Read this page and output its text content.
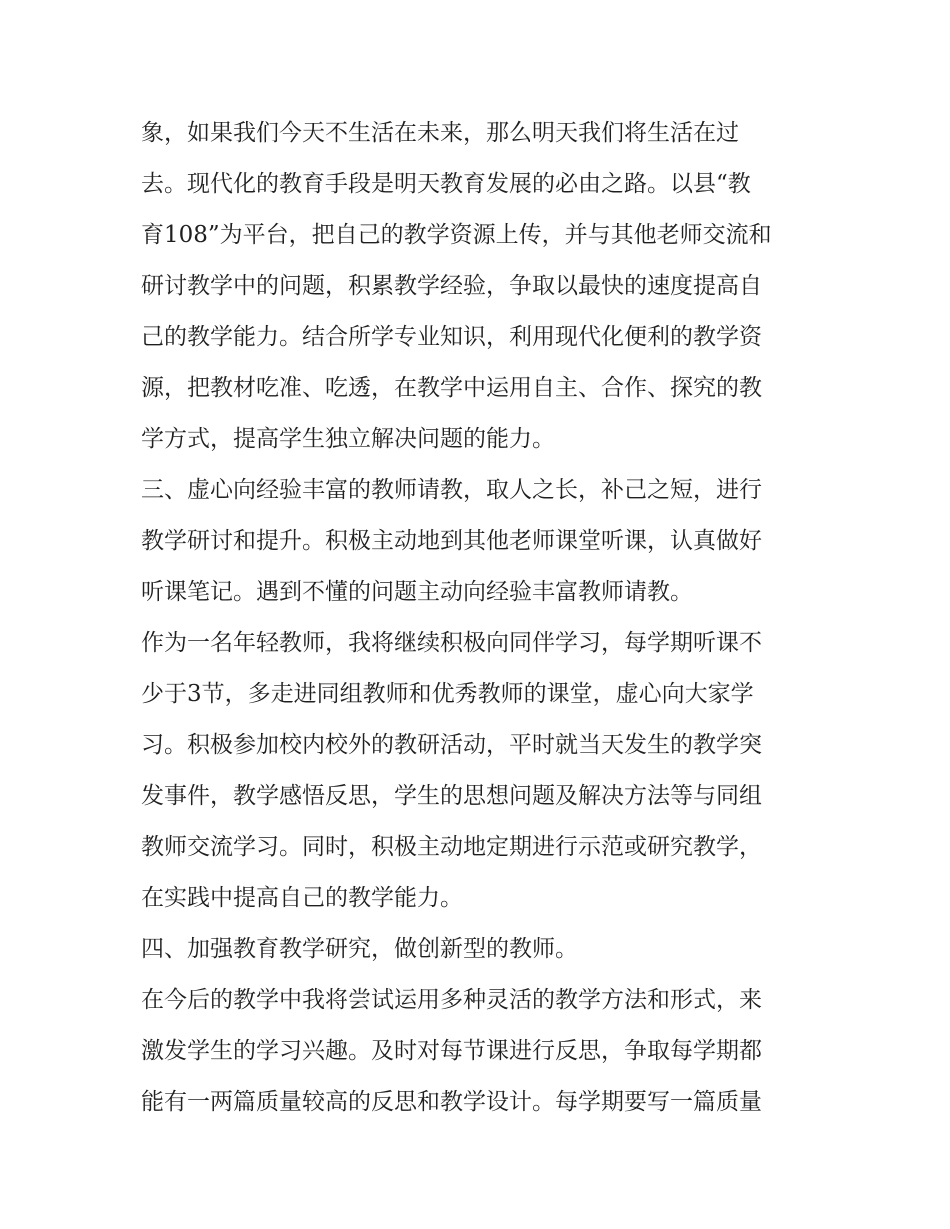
象，如果我们今天不生活在未来，那么明天我们将生活在过
去。现代化的教育手段是明天教育发展的必由之路。以县“教
育108”为平台，把自己的教学资源上传，并与其他老师交流和
研讨教学中的问题，积累教学经验，争取以最快的速度提高自
己的教学能力。结合所学专业知识，利用现代化便利的教学资
源，把教材吃准、吃透，在教学中运用自主、合作、探究的教
学方式，提高学生独立解决问题的能力。
三、虚心向经验丰富的教师请教，取人之长，补己之短，进行
教学研讨和提升。积极主动地到其他老师课堂听课，认真做好
听课笔记。遇到不懂的问题主动向经验丰富教师请教。
作为一名年轻教师，我将继续积极向同伴学习，每学期听课不
少于3节，多走进同组教师和优秀教师的课堂，虚心向大家学
习。积极参加校内校外的教研活动，平时就当天发生的教学突
发事件，教学感悟反思，学生的思想问题及解决方法等与同组
教师交流学习。同时，积极主动地定期进行示范或研究教学，
在实践中提高自己的教学能力。
四、加强教育教学研究，做创新型的教师。
在今后的教学中我将尝试运用多种灵活的教学方法和形式，来
激发学生的学习兴趣。及时对每节课进行反思，争取每学期都
能有一两篇质量较高的反思和教学设计。每学期要写一篇质量
